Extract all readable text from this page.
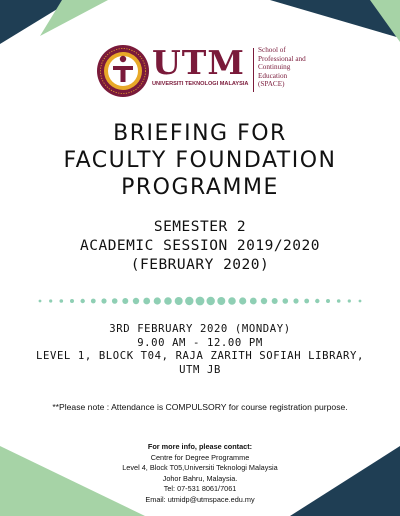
UTM
UNIVERSITI TEKNOLOGI MALAYSIA
School of
Professional and
Continuing
Education
(SPACE)
BRIEFING FOR
FACULTY FOUNDATION
PROGRAMME
SEMESTER 2
ACADEMIC SESSION 2019/2020
(FEBRUARY 2020)
3RD FEBRUARY 2020 (MONDAY)
9.00 AM - 12.00 PM
LEVEL 1, BLOCK T04, RAJA ZARITH SOFIAH LIBRARY,
UTM JB
**Please note : Attendance is COMPULSORY for course registration purpose.
For more info, please contact:
Centre for Degree Programme
Level 4, Block T05,Universiti Teknologi Malaysia
Johor Bahru, Malaysia.
Tel: 07-531 8061/7061
Email: utmidp@utmspace.edu.my
